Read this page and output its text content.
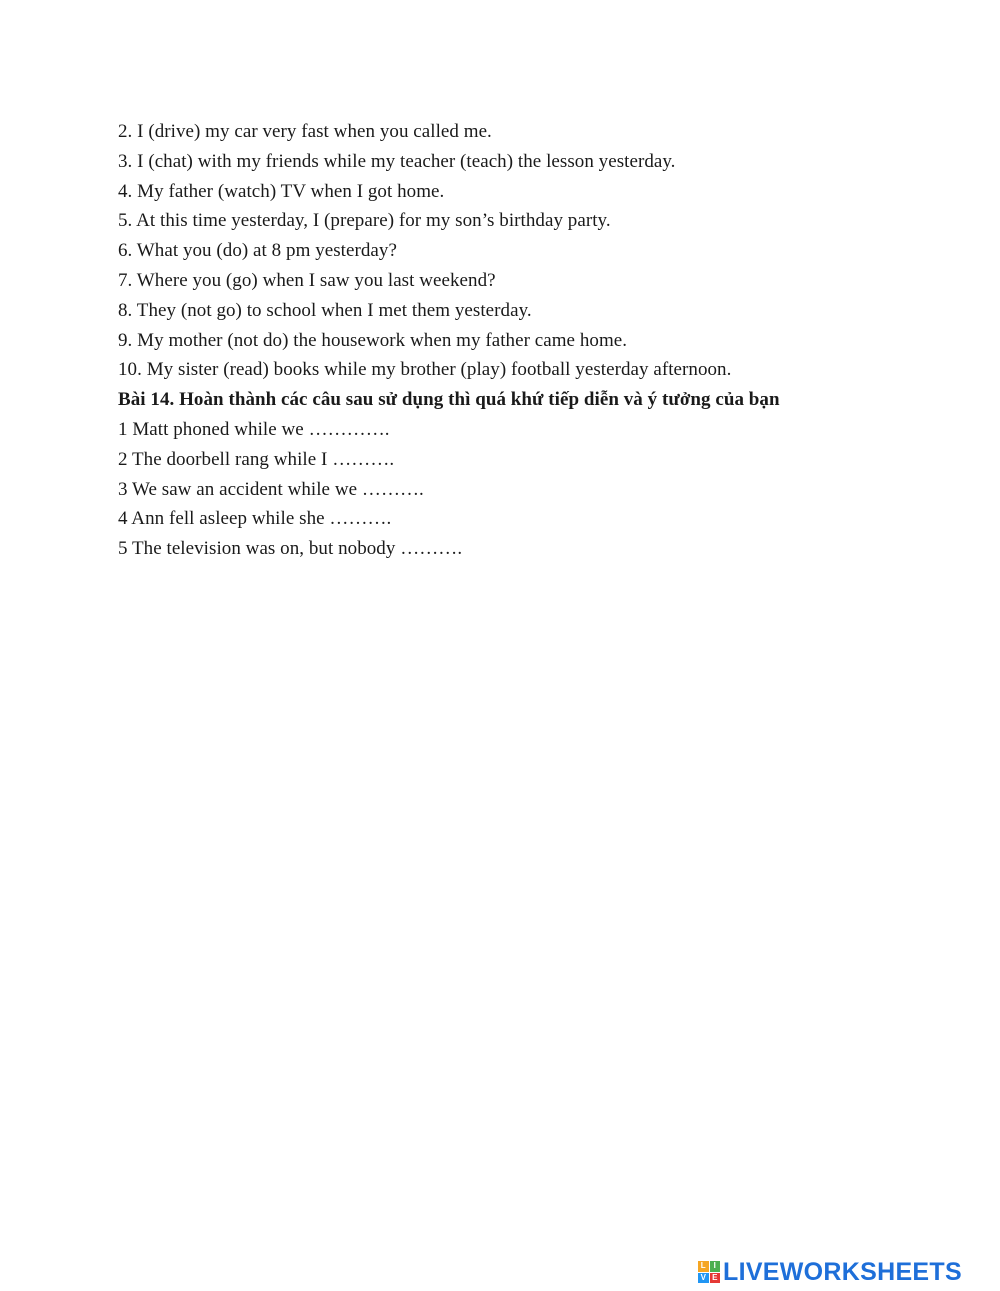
2. I (drive) my car very fast when you called me.
3. I (chat) with my friends while my teacher (teach) the lesson yesterday.
4. My father (watch) TV when I got home.
5. At this time yesterday, I (prepare) for my son’s birthday party.
6. What you (do) at 8 pm yesterday?
7. Where you (go) when I saw you last weekend?
8. They (not go) to school when I met them yesterday.
9. My mother (not do) the housework when my father came home.
10. My sister (read) books while my brother (play) football yesterday afternoon.
Bài 14. Hoàn thành các câu sau sử dụng thì quá khứ tiếp diễn và ý tưởng của bạn
1 Matt phoned while we ………….
2 The doorbell rang while I ……….
3 We saw an accident while we ……….
4 Ann fell asleep while she ……….
5 The television was on, but nobody ……….
L I
V E LIVEWORKSHEETS
